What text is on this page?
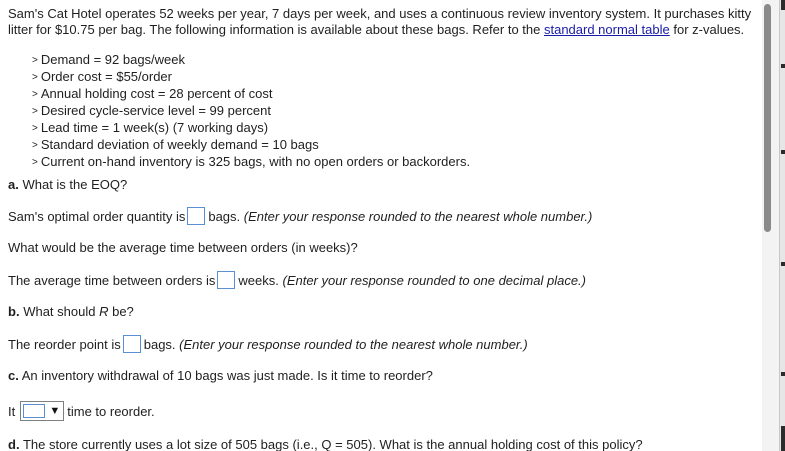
Sam's Cat Hotel operates 52 weeks per year, 7 days per week, and uses a continuous review inventory system. It purchases kitty litter for $10.75 per bag. The following information is available about these bags. Refer to the standard normal table for z-values.
> Demand = 92 bags/week
> Order cost = $55/order
> Annual holding cost = 28 percent of cost
> Desired cycle-service level = 99 percent
> Lead time = 1 week(s) (7 working days)
> Standard deviation of weekly demand = 10 bags
> Current on-hand inventory is 325 bags, with no open orders or backorders.
a. What is the EOQ?
Sam's optimal order quantity is bags. (Enter your response rounded to the nearest whole number.)
What would be the average time between orders (in weeks)?
The average time between orders is weeks. (Enter your response rounded to one decimal place.)
b. What should R be?
The reorder point is bags. (Enter your response rounded to the nearest whole number.)
c. An inventory withdrawal of 10 bags was just made. Is it time to reorder?
It	▼ time to reorder.
d. The store currently uses a lot size of 505 bags (i.e., Q = 505). What is the annual holding cost of this policy?
